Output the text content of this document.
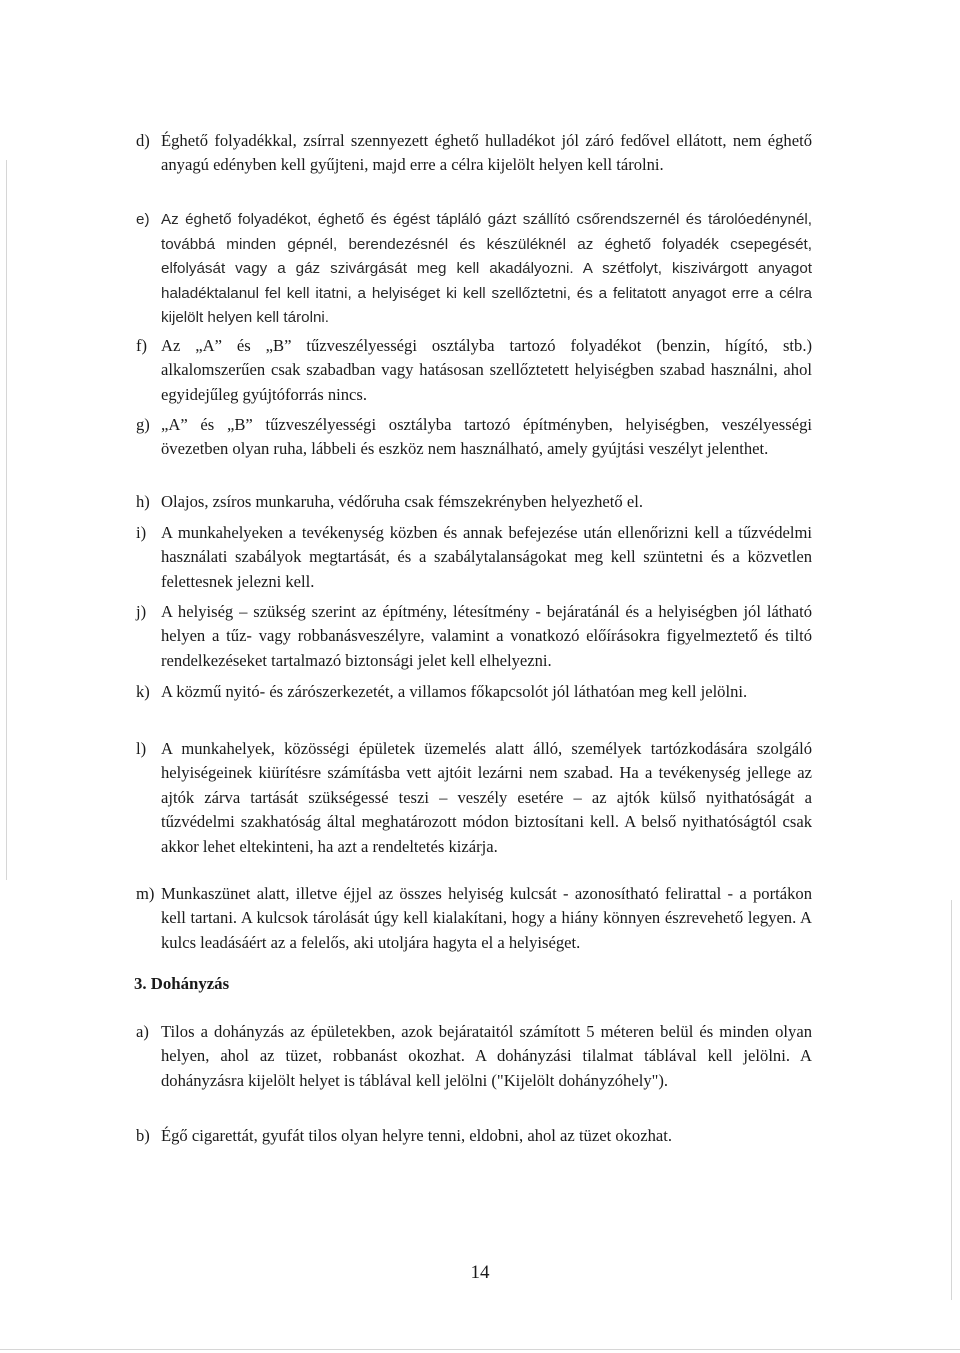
d) Éghető folyadékkal, zsírral szennyezett éghető hulladékot jól záró fedővel ellátott, nem éghető anyagú edényben kell gyűjteni, majd erre a célra kijelölt helyen kell tárolni.
e) Az éghető folyadékot, éghető és égést tápláló gázt szállító csőrendszernél és tárolóedénynél, továbbá minden gépnél, berendezésnél és készüléknél az éghető folyadék csepegését, elfolyását vagy a gáz szivárgását meg kell akadályozni. A szétfolyt, kiszivárgott anyagot haladéktalanul fel kell itatni, a helyiséget ki kell szellőztetni, és a felitatott anyagot erre a célra kijelölt helyen kell tárolni.
f) Az „A” és „B” tűzveszélyességi osztályba tartozó folyadékot (benzin, hígító, stb.) alkalomszerűen csak szabadban vagy hatásosan szellőztetett helyiségben szabad használni, ahol egyidejűleg gyújtóforrás nincs.
g) „A” és „B” tűzveszélyességi osztályba tartozó építményben, helyiségben, veszélyességi övezetben olyan ruha, lábbeli és eszköz nem használható, amely gyújtási veszélyt jelenthet.
h) Olajos, zsíros munkaruha, védőruha csak fémszekrényben helyezhető el.
i) A munkahelyeken a tevékenység közben és annak befejezése után ellenőrizni kell a tűzvédelmi használati szabályok megtartását, és a szabálytalanságokat meg kell szüntetni és a közvetlen felettesnek jelezni kell.
j) A helyiség – szükség szerint az építmény, létesítmény - bejáratánál és a helyiségben jól látható helyen a tűz- vagy robbanásveszélyre, valamint a vonatkozó előírásokra figyelmeztető és tiltó rendelkezéseket tartalmazó biztonsági jelet kell elhelyezni.
k) A közmű nyitó- és zárószerkezetét, a villamos főkapcsolót jól láthatóan meg kell jelölni.
l) A munkahelyek, közösségi épületek üzemelés alatt álló, személyek tartózkodására szolgáló helyiségeinek kiürítésre számításba vett ajtóit lezárni nem szabad. Ha a tevékenység jellege az ajtók zárva tartását szükségessé teszi – veszély esetére – az ajtók külső nyithatóságát a tűzvédelmi szakhatóság által meghatározott módon biztosítani kell. A belső nyithatóságtól csak akkor lehet eltekinteni, ha azt a rendeltetés kizárja.
m) Munkaszünet alatt, illetve éjjel az összes helyiség kulcsát - azonosítható felirattal - a portákon kell tartani. A kulcsok tárolását úgy kell kialakítani, hogy a hiány könnyen észrevehető legyen. A kulcs leadásáért az a felelős, aki utoljára hagyta el a helyiséget.
3. Dohányzás
a) Tilos a dohányzás az épületekben, azok bejárataitól számított 5 méteren belül és minden olyan helyen, ahol az tüzet, robbanást okozhat. A dohányzási tilalmat táblával kell jelölni. A dohányzásra kijelölt helyet is táblával kell jelölni ("Kijelölt dohányzóhely").
b) Égő cigarettát, gyufát tilos olyan helyre tenni, eldobni, ahol az tüzet okozhat.
14
